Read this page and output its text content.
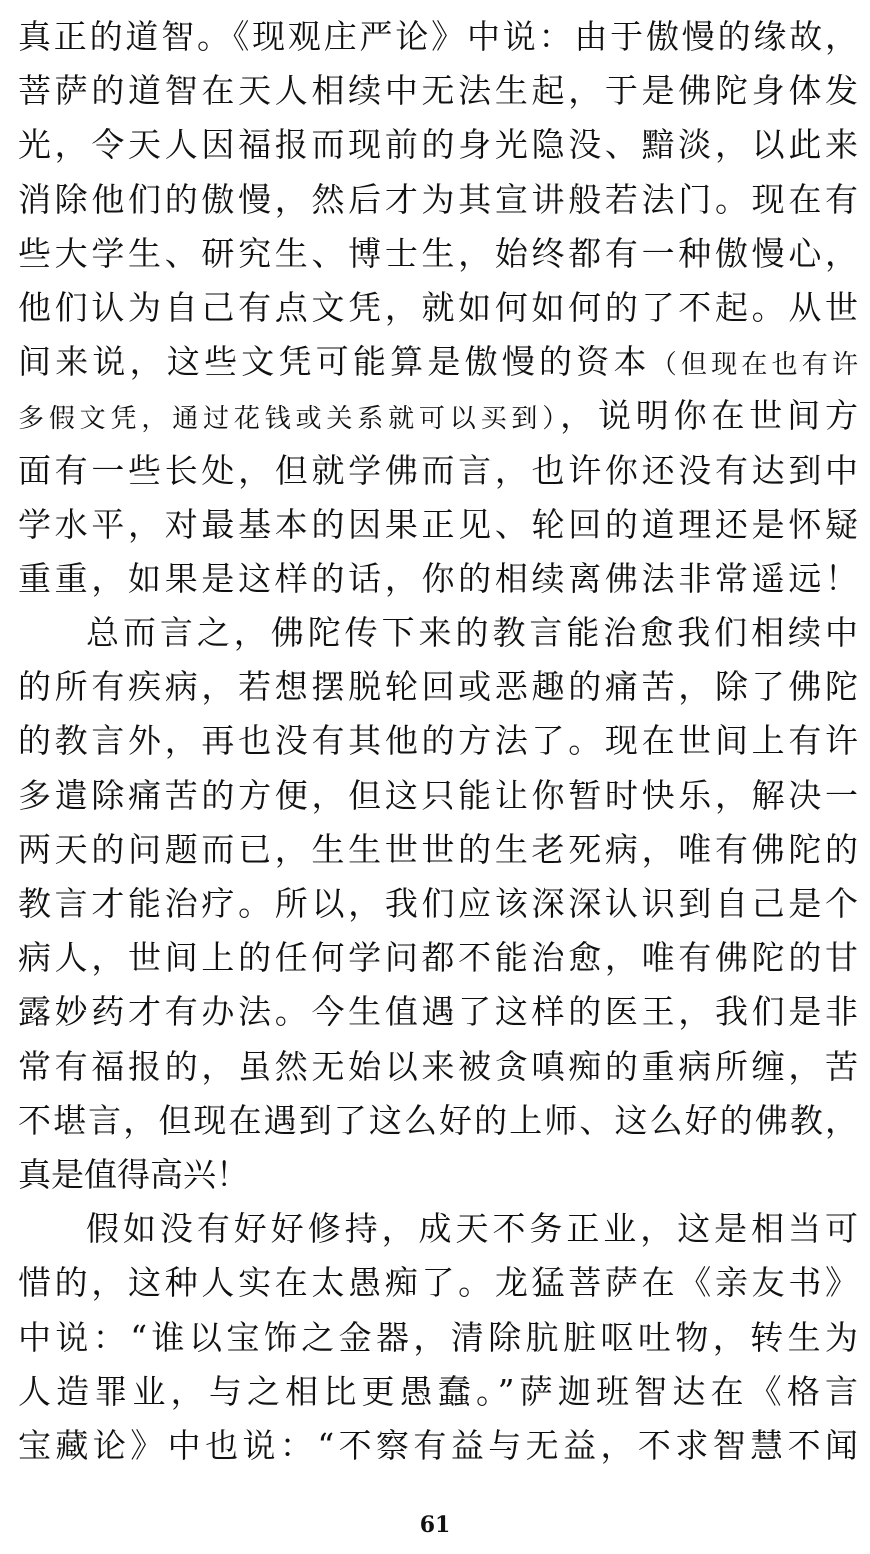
真正的道智。《现观庄严论》中说：由于傲慢的缘故，
菩萨的道智在天人相续中无法生起，于是佛陀身体发
光，令天人因福报而现前的身光隐没、黯淡，以此来
消除他们的傲慢，然后才为其宣讲般若法门。现在有
些大学生、研究生、博士生，始终都有一种傲慢心，
他们认为自己有点文凭，就如何如何的了不起。从世
间来说，这些文凭可能算是傲慢的资本（但现在也有许
多假文凭，通过花钱或关系就可以买到），说明你在世间方
面有一些长处，但就学佛而言，也许你还没有达到中
学水平，对最基本的因果正见、轮回的道理还是怀疑
重重，如果是这样的话，你的相续离佛法非常遥远！
总而言之，佛陀传下来的教言能治愈我们相续中
的所有疾病，若想摆脱轮回或恶趣的痛苦，除了佛陀
的教言外，再也没有其他的方法了。现在世间上有许
多遣除痛苦的方便，但这只能让你暂时快乐，解决一
两天的问题而已，生生世世的生老死病，唯有佛陀的
教言才能治疗。所以，我们应该深深认识到自己是个
病人，世间上的任何学问都不能治愈，唯有佛陀的甘
露妙药才有办法。今生值遇了这样的医王，我们是非
常有福报的，虽然无始以来被贪嗔痴的重病所缠，苦
不堪言，但现在遇到了这么好的上师、这么好的佛教，
真是值得高兴！
假如没有好好修持，成天不务正业，这是相当可
惜的，这种人实在太愚痴了。龙猛菩萨在《亲友书》
中说：“谁以宝饰之金器，清除肮脏呕吐物，转生为
人造罪业，与之相比更愚蠢。”萨迦班智达在《格言
宝藏论》中也说：“不察有益与无益，不求智慧不闻
61
